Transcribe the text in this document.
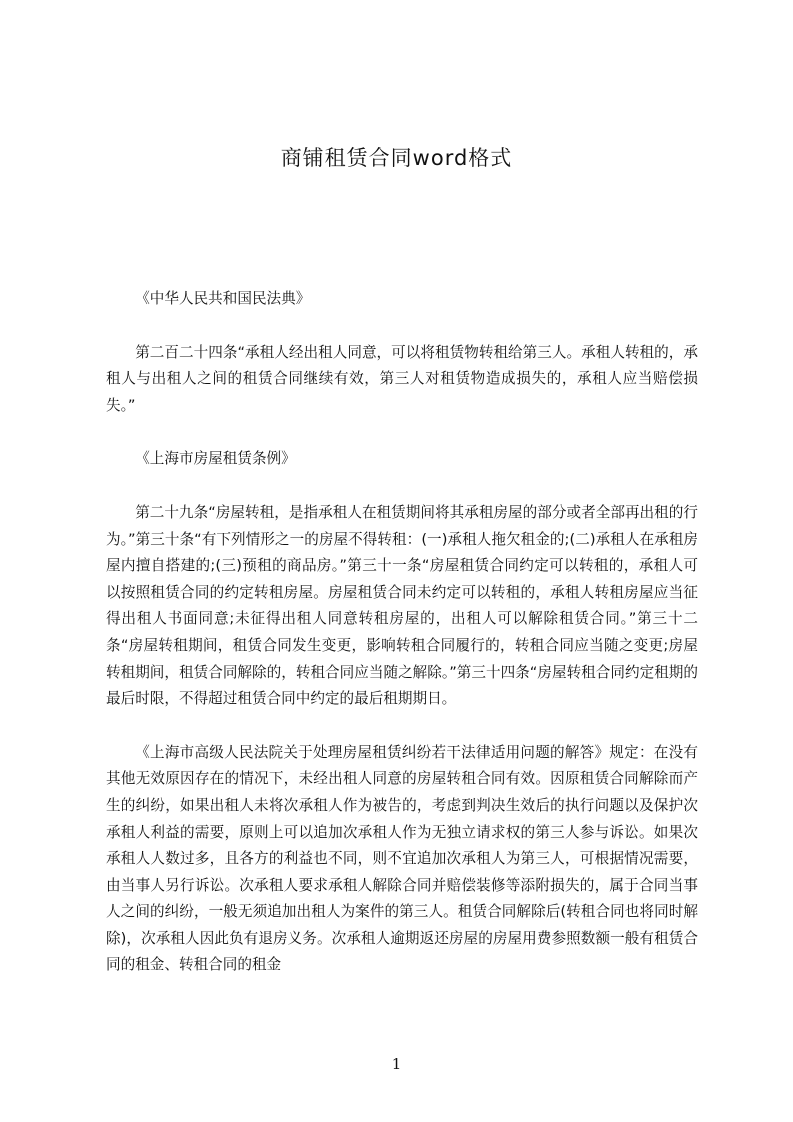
商铺租赁合同word格式

《中华人民共和国民法典》

第二百二十四条“承租人经出租人同意，可以将租赁物转租给第三人。承租人转租的，承租人与出租人之间的租赁合同继续有效，第三人对租赁物造成损失的，承租人应当赔偿损失。”

《上海市房屋租赁条例》

第二十九条“房屋转租，是指承租人在租赁期间将其承租房屋的部分或者全部再出租的行为。”第三十条“有下列情形之一的房屋不得转租：(一)承租人拖欠租金的;(二)承租人在承租房屋内擅自搭建的;(三)预租的商品房。”第三十一条“房屋租赁合同约定可以转租的，承租人可以按照租赁合同的约定转租房屋。房屋租赁合同未约定可以转租的，承租人转租房屋应当征得出租人书面同意;未征得出租人同意转租房屋的，出租人可以解除租赁合同。”第三十二条“房屋转租期间，租赁合同发生变更，影响转租合同履行的，转租合同应当随之变更;房屋转租期间，租赁合同解除的，转租合同应当随之解除。”第三十四条“房屋转租合同约定租期的最后时限，不得超过租赁合同中约定的最后租期期日。

《上海市高级人民法院关于处理房屋租赁纠纷若干法律适用问题的解答》规定：在没有其他无效原因存在的情况下，未经出租人同意的房屋转租合同有效。因原租赁合同解除而产生的纠纷，如果出租人未将次承租人作为被告的，考虑到判决生效后的执行问题以及保护次承租人利益的需要，原则上可以追加次承租人作为无独立请求权的第三人参与诉讼。如果次承租人人数过多，且各方的利益也不同，则不宜追加次承租人为第三人，可根据情况需要，由当事人另行诉讼。次承租人要求承租人解除合同并赔偿装修等添附损失的，属于合同当事人之间的纠纷，一般无须追加出租人为案件的第三人。租赁合同解除后(转租合同也将同时解除)，次承租人因此负有退房义务。次承租人逾期返还房屋的房屋用费参照数额一般有租赁合同的租金、转租合同的租金

1
